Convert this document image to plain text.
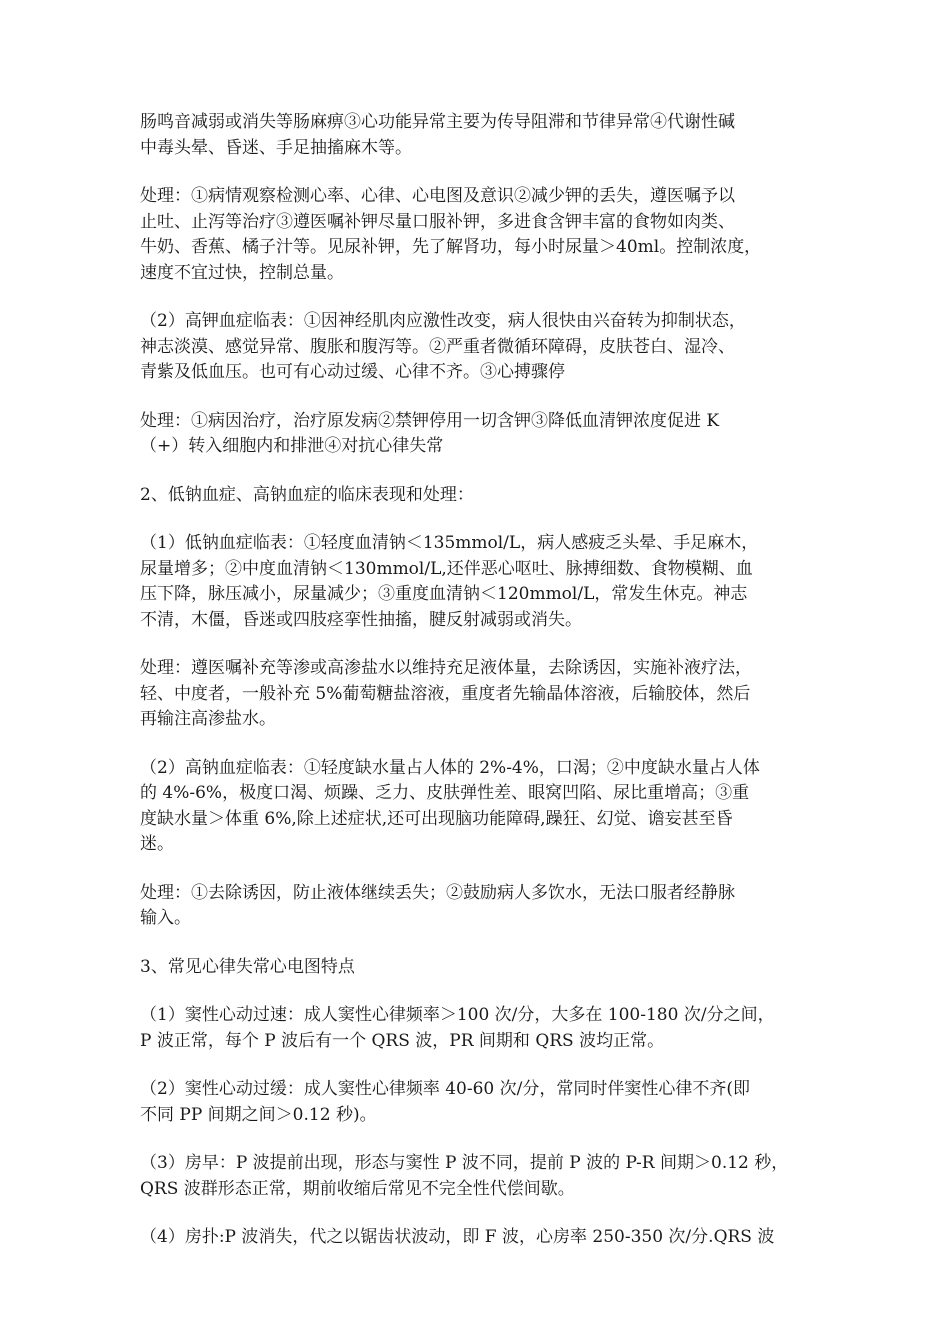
肠鸣音减弱或消失等肠麻痹③心功能异常主要为传导阻滞和节律异常④代谢性碱
中毒头晕、昏迷、手足抽搐麻木等。

处理：①病情观察检测心率、心律、心电图及意识②减少钾的丢失，遵医嘱予以
止吐、止泻等治疗③遵医嘱补钾尽量口服补钾，多进食含钾丰富的食物如肉类、
牛奶、香蕉、橘子汁等。见尿补钾，先了解肾功，每小时尿量＞40ml。控制浓度，
速度不宜过快，控制总量。

（2）高钾血症临表：①因神经肌肉应激性改变，病人很快由兴奋转为抑制状态，
神志淡漠、感觉异常、腹胀和腹泻等。②严重者微循环障碍，皮肤苍白、湿冷、
青紫及低血压。也可有心动过缓、心律不齐。③心搏骤停

处理：①病因治疗，治疗原发病②禁钾停用一切含钾③降低血清钾浓度促进 K
（+）转入细胞内和排泄④对抗心律失常

2、低钠血症、高钠血症的临床表现和处理：

（1）低钠血症临表：①轻度血清钠＜135mmol/L，病人感疲乏头晕、手足麻木，
尿量增多；②中度血清钠＜130mmol/L,还伴恶心呕吐、脉搏细数、食物模糊、血
压下降，脉压减小，尿量减少；③重度血清钠＜120mmol/L，常发生休克。神志
不清，木僵，昏迷或四肢痉挛性抽搐，腱反射减弱或消失。

处理：遵医嘱补充等渗或高渗盐水以维持充足液体量，去除诱因，实施补液疗法，
轻、中度者，一般补充 5%葡萄糖盐溶液，重度者先输晶体溶液，后输胶体，然后
再输注高渗盐水。

（2）高钠血症临表：①轻度缺水量占人体的 2%-4%，口渴；②中度缺水量占人体
的 4%-6%，极度口渴、烦躁、乏力、皮肤弹性差、眼窝凹陷、尿比重增高；③重
度缺水量＞体重 6%,除上述症状,还可出现脑功能障碍,躁狂、幻觉、谵妄甚至昏
迷。

处理：①去除诱因，防止液体继续丢失；②鼓励病人多饮水，无法口服者经静脉
输入。

3、常见心律失常心电图特点

（1）窦性心动过速：成人窦性心律频率＞100 次/分，大多在 100-180 次/分之间，
P 波正常，每个 P 波后有一个 QRS 波，PR 间期和 QRS 波均正常。

（2）窦性心动过缓：成人窦性心律频率 40-60 次/分，常同时伴窦性心律不齐(即
不同 PP 间期之间＞0.12 秒)。

（3）房早：P 波提前出现，形态与窦性 P 波不同，提前 P 波的 P-R 间期＞0.12 秒，
QRS 波群形态正常，期前收缩后常见不完全性代偿间歇。

（4）房扑:P 波消失，代之以锯齿状波动，即 F 波，心房率 250-350 次/分.QRS 波
